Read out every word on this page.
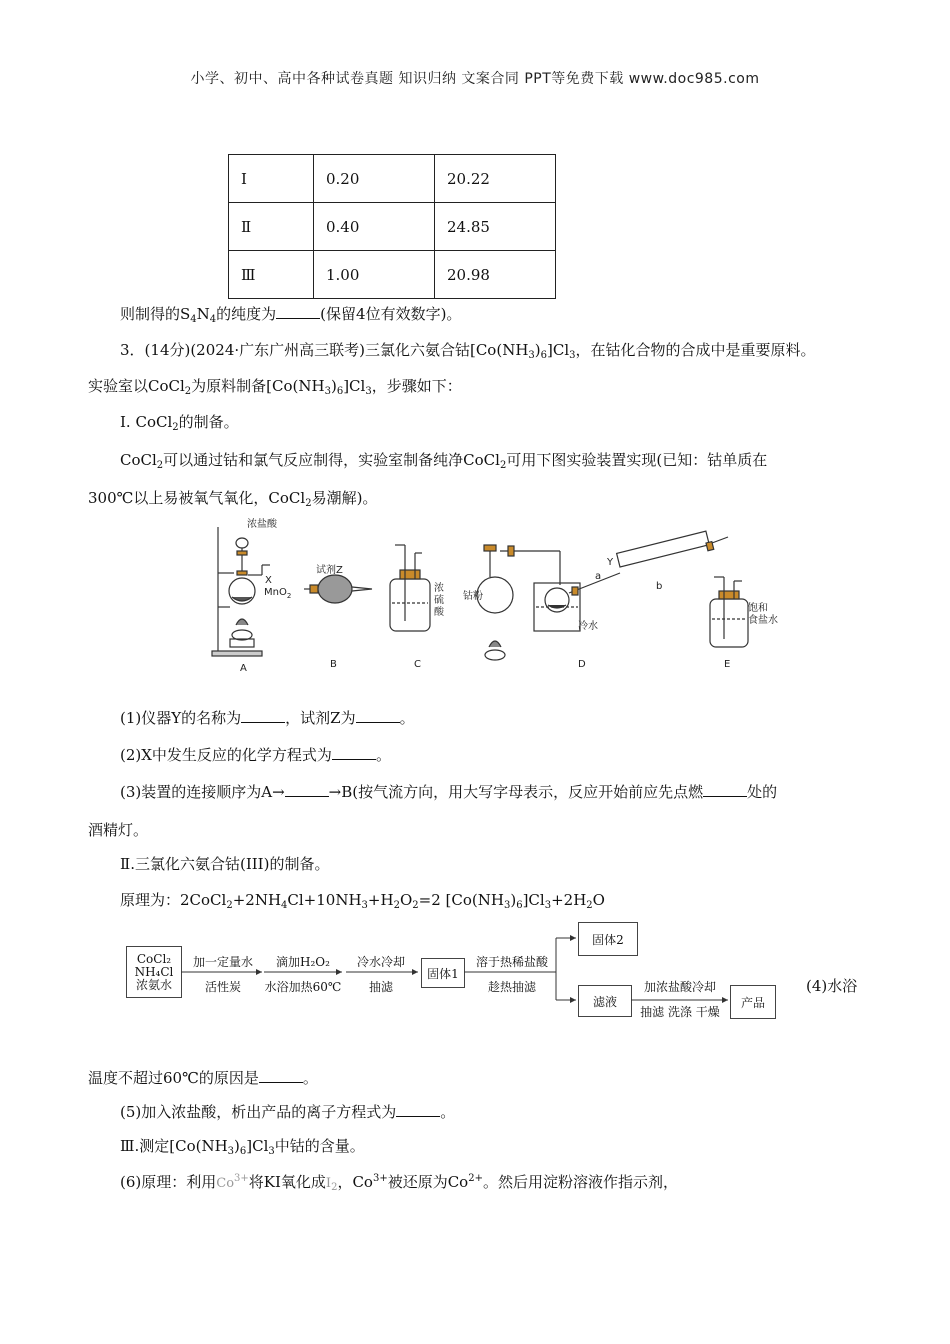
小学、初中、高中各种试卷真题 知识归纳 文案合同 PPT等免费下载 www.doc985.com
Ⅰ	0.20	20.22
Ⅱ	0.40	24.85
Ⅲ	1.00	20.98
则制得的$S_4N_4$的纯度为	(保留4位有效数字)。
3．(14分)(2024·广东广州高三联考)三氯化六氨合钴$[Co(NH_3)_6]Cl_3$，在钴化合物的合成中是重要原料。
实验室以CoCl$_2$为原料制备$[Co(NH_3)_6]Cl_3$，步骤如下：
Ⅰ. CoCl$_2$的制备。
CoCl$_2$可以通过钴和氯气反应制得，实验室制备纯净CoCl$_2$可用下图实验装置实现(已知：钴单质在
300℃以上易被氧气氧化，CoCl$_2$易潮解)。
浓盐酸
X
MnO$_2$
试剂Z
浓
硫
酸
钴粉
Y
a
b
冷水
饱和
食盐水
A	B	C	D	E
(1)仪器Y的名称为	，试剂Z为	。
(2)X中发生反应的化学方程式为	。
(3)装置的连接顺序为A→	→B(按气流方向，用大写字母表示，反应开始前应先点燃	处的
酒精灯。
Ⅱ.三氯化六氨合钴(III)的制备。
原理为：$2CoCl_2+2NH_4Cl+10NH_3+H_2O_2=2$ $[Co(NH_3)_6]Cl_3+2H_2O$
CoCl₂
NH₄Cl
浓氨水
加一定量水
活性炭
滴加H₂O₂
水浴加热60℃
冷水冷却
抽滤
固体1
溶于热稀盐酸
趁热抽滤
固体2
滤液
加浓盐酸冷却
抽滤 洗涤 干燥
产品
(4)水浴
温度不超过60℃的原因是	。
(5)加入浓盐酸，析出产品的离子方程式为	。
Ⅲ.测定$[Co(NH_3)_6]Cl_3$中钴的含量。
(6)原理：利用$Co^{3+}$将KI氧化成$I_2$，$Co^{3+}$被还原为$Co^{2+}$。然后用淀粉溶液作指示剂，
